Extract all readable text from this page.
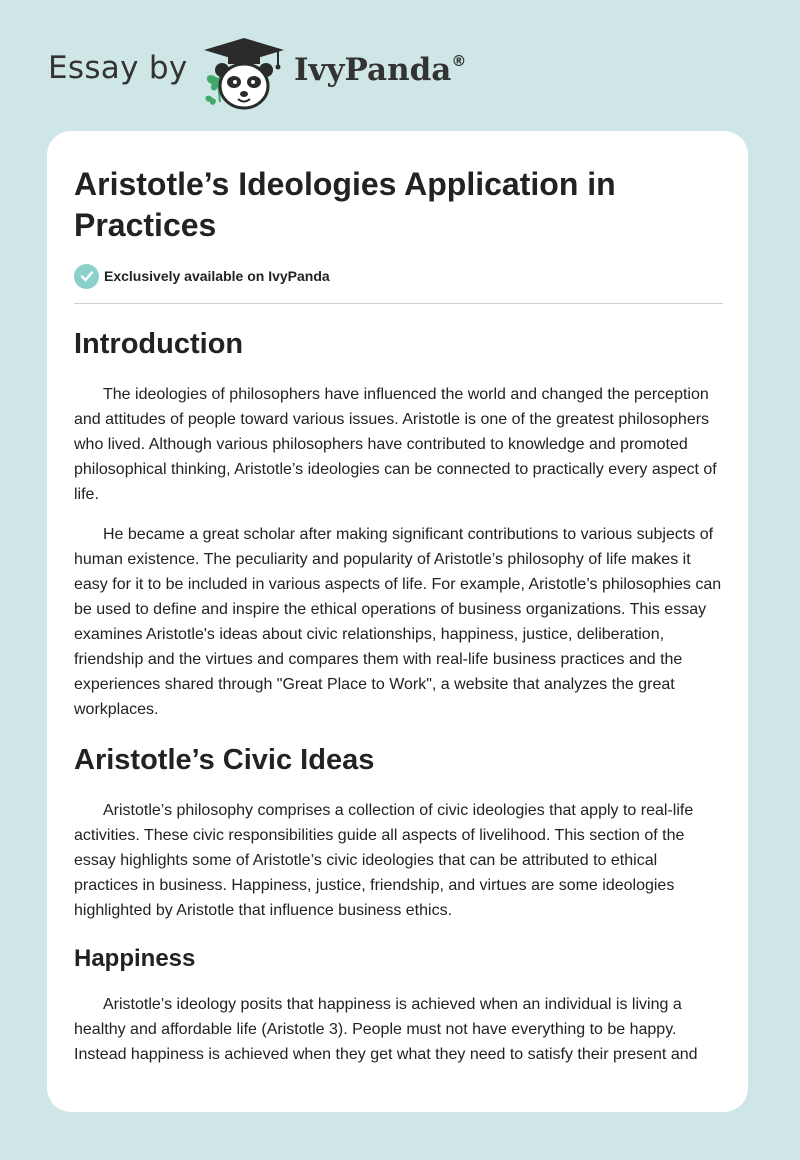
Essay by	IvyPanda®
Aristotle’s Ideologies Application in Practices
Exclusively available on IvyPanda
Introduction

The ideologies of philosophers have influenced the world and changed the perception and attitudes of people toward various issues. Aristotle is one of the greatest philosophers who lived. Although various philosophers have contributed to knowledge and promoted philosophical thinking, Aristotle’s ideologies can be connected to practically every aspect of life.

He became a great scholar after making significant contributions to various subjects of human existence. The peculiarity and popularity of Aristotle’s philosophy of life makes it easy for it to be included in various aspects of life. For example, Aristotle’s philosophies can be used to define and inspire the ethical operations of business organizations. This essay examines Aristotle's ideas about civic relationships, happiness, justice, deliberation, friendship and the virtues and compares them with real-life business practices and the experiences shared through "Great Place to Work", a website that analyzes the great workplaces.

Aristotle’s Civic Ideas

Aristotle’s philosophy comprises a collection of civic ideologies that apply to real-life activities. These civic responsibilities guide all aspects of livelihood. This section of the essay highlights some of Aristotle’s civic ideologies that can be attributed to ethical practices in business. Happiness, justice, friendship, and virtues are some ideologies highlighted by Aristotle that influence business ethics.

Happiness

Aristotle’s ideology posits that happiness is achieved when an individual is living a healthy and affordable life (Aristotle 3). People must not have everything to be happy. Instead happiness is achieved when they get what they need to satisfy their present and
